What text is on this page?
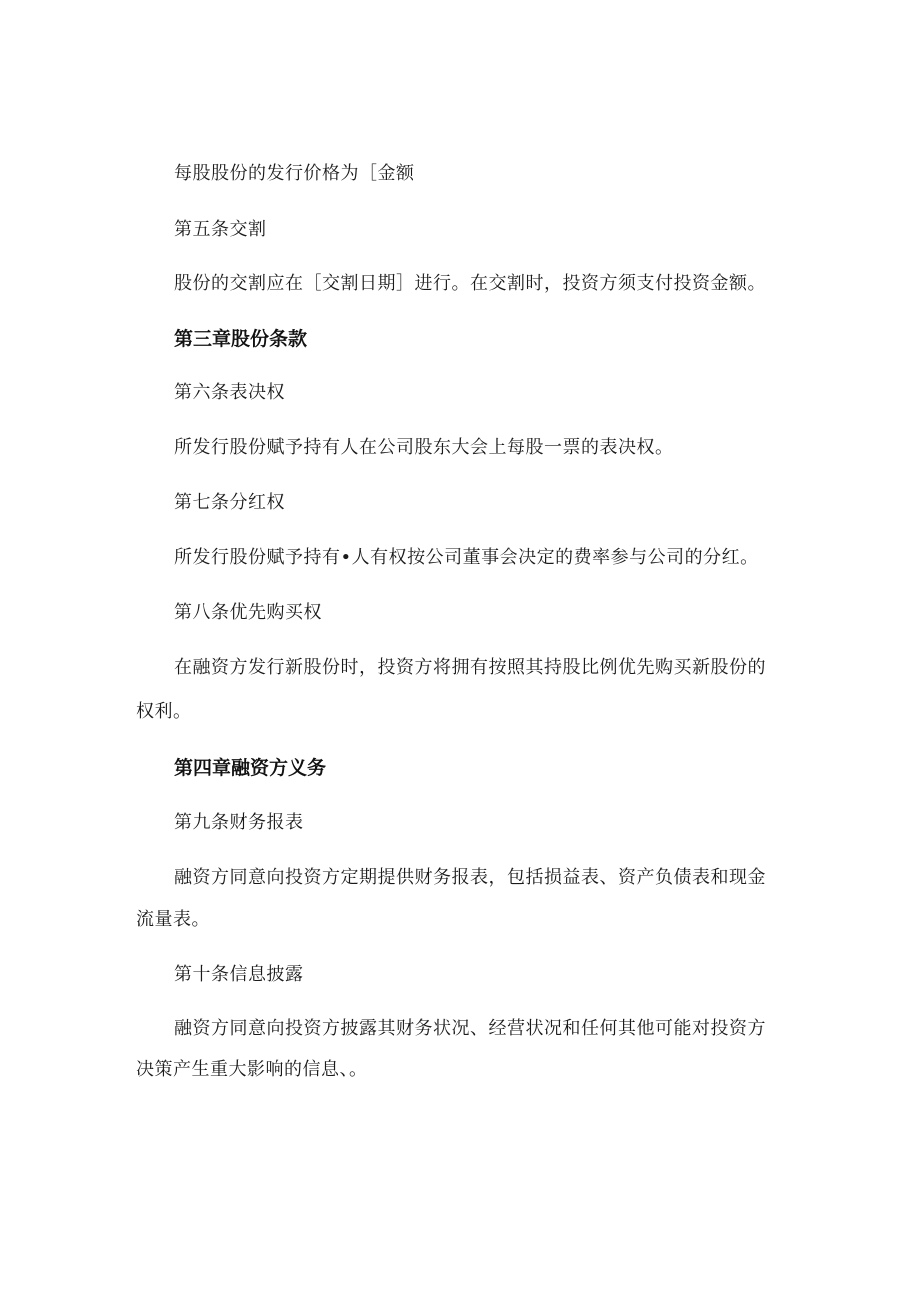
每股股份的发行价格为［金额

第五条交割

股份的交割应在［交割日期］进行。在交割时，投资方须支付投资金额。

第三章股份条款

第六条表决权

所发行股份赋予持有人在公司股东大会上每股一票的表决权。

第七条分红权

所发行股份赋予持有•人有权按公司董事会决定的费率参与公司的分红。

第八条优先购买权

在融资方发行新股份时，投资方将拥有按照其持股比例优先购买新股份的

权利。

第四章融资方义务

第九条财务报表

融资方同意向投资方定期提供财务报表，包括损益表、资产负债表和现金

流量表。

第十条信息披露

融资方同意向投资方披露其财务状况、经营状况和任何其他可能对投资方

决策产生重大影响的信息、。
